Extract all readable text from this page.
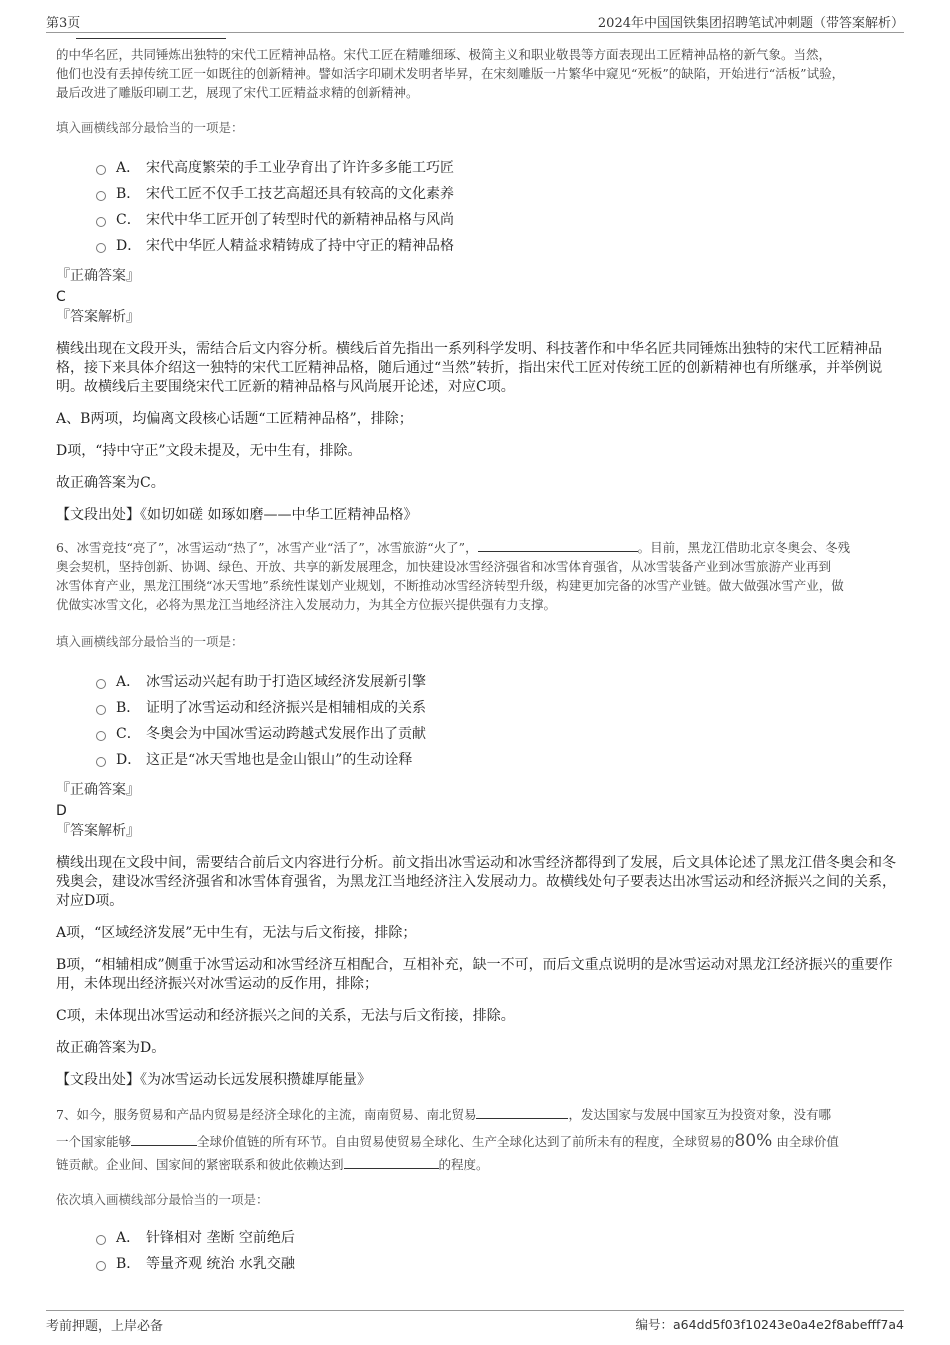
第3页	2024年中国国铁集团招聘笔试冲刺题（带答案解析）
的中华名匠，共同锤炼出独特的宋代工匠精神品格。宋代工匠在精雕细琢、极简主义和职业敬畏等方面表现出工匠精神品格的新气象。当然，
他们也没有丢掉传统工匠一如既往的创新精神。譬如活字印刷术发明者毕昇，在宋刻雕版一片繁华中窥见“死板”的缺陷，开始进行“活板”试验，
最后改进了雕版印刷工艺，展现了宋代工匠精益求精的创新精神。
填入画横线部分最恰当的一项是：
A． 宋代高度繁荣的手工业孕育出了许许多多能工巧匠
B． 宋代工匠不仅手工技艺高超还具有较高的文化素养
C． 宋代中华工匠开创了转型时代的新精神品格与风尚
D． 宋代中华匠人精益求精铸成了持中守正的精神品格
『正确答案』
C
『答案解析』
横线出现在文段开头，需结合后文内容分析。横线后首先指出一系列科学发明、科技著作和中华名匠共同锤炼出独特的宋代工匠精神品格，接下来具体介绍这一独特的宋代工匠精神品格，随后通过“当然”转折，指出宋代工匠对传统工匠的创新精神也有所继承，并举例说明。故横线后主要围绕宋代工匠新的精神品格与风尚展开论述，对应C项。
A、B两项，均偏离文段核心话题“工匠精神品格”，排除；
D项，“持中守正”文段未提及，无中生有，排除。
故正确答案为C。
【文段出处】《如切如磋 如琢如磨——中华工匠精神品格》
6、冰雪竞技“亮了”，冰雪运动“热了”，冰雪产业“活了”，冰雪旅游“火了”，	。目前，黑龙江借助北京冬奥会、冬残
奥会契机，坚持创新、协调、绿色、开放、共享的新发展理念，加快建设冰雪经济强省和冰雪体育强省，从冰雪装备产业到冰雪旅游产业再到
冰雪体育产业，黑龙江围绕“冰天雪地”系统性谋划产业规划，不断推动冰雪经济转型升级，构建更加完备的冰雪产业链。做大做强冰雪产业，做
优做实冰雪文化，必将为黑龙江当地经济注入发展动力，为其全方位振兴提供强有力支撑。
填入画横线部分最恰当的一项是：
A． 冰雪运动兴起有助于打造区域经济发展新引擎
B． 证明了冰雪运动和经济振兴是相辅相成的关系
C． 冬奥会为中国冰雪运动跨越式发展作出了贡献
D． 这正是“冰天雪地也是金山银山”的生动诠释
『正确答案』
D
『答案解析』
横线出现在文段中间，需要结合前后文内容进行分析。前文指出冰雪运动和冰雪经济都得到了发展，后文具体论述了黑龙江借冬奥会和冬残奥会，建设冰雪经济强省和冰雪体育强省，为黑龙江当地经济注入发展动力。故横线处句子要表达出冰雪运动和经济振兴之间的关系，对应D项。
A项，“区域经济发展”无中生有，无法与后文衔接，排除；
B项，“相辅相成”侧重于冰雪运动和冰雪经济互相配合，互相补充，缺一不可，而后文重点说明的是冰雪运动对黑龙江经济振兴的重要作用，未体现出经济振兴对冰雪运动的反作用，排除；
C项，未体现出冰雪运动和经济振兴之间的关系，无法与后文衔接，排除。
故正确答案为D。
【文段出处】《为冰雪运动长远发展积攒雄厚能量》
7、如今，服务贸易和产品内贸易是经济全球化的主流，南南贸易、南北贸易	，发达国家与发展中国家互为投资对象，没有哪
一个国家能够	全球价值链的所有环节。自由贸易使贸易全球化、生产全球化达到了前所未有的程度，全球贸易的80% 由全球价值
链贡献。企业间、国家间的紧密联系和彼此依赖达到	的程度。
依次填入画横线部分最恰当的一项是：
A． 针锋相对 垄断 空前绝后
B． 等量齐观 统治 水乳交融
考前押题，上岸必备	编号：a64dd5f03f10243e0a4e2f8abefff7a4
